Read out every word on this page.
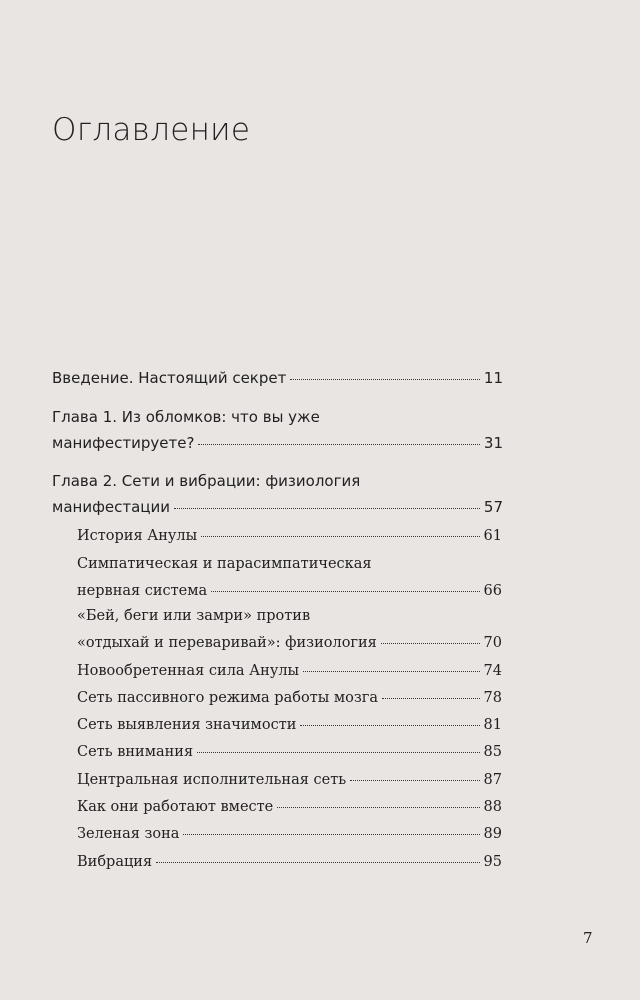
Оглавление
Введение. Настоящий секрет	11
Глава 1. Из обломков: что вы уже
манифестируете?	31
Глава 2. Сети и вибрации: физиология
манифестации	57
История Анулы	61
Симпатическая и парасимпатическая
нервная система	66
«Бей, беги или замри» против
«отдыхай и переваривай»: физиология	70
Новообретенная сила Анулы	74
Сеть пассивного режима работы мозга	78
Сеть выявления значимости	81
Сеть внимания	85
Центральная исполнительная сеть	87
Как они работают вместе	88
Зеленая зона	89
Вибрация	95
7
